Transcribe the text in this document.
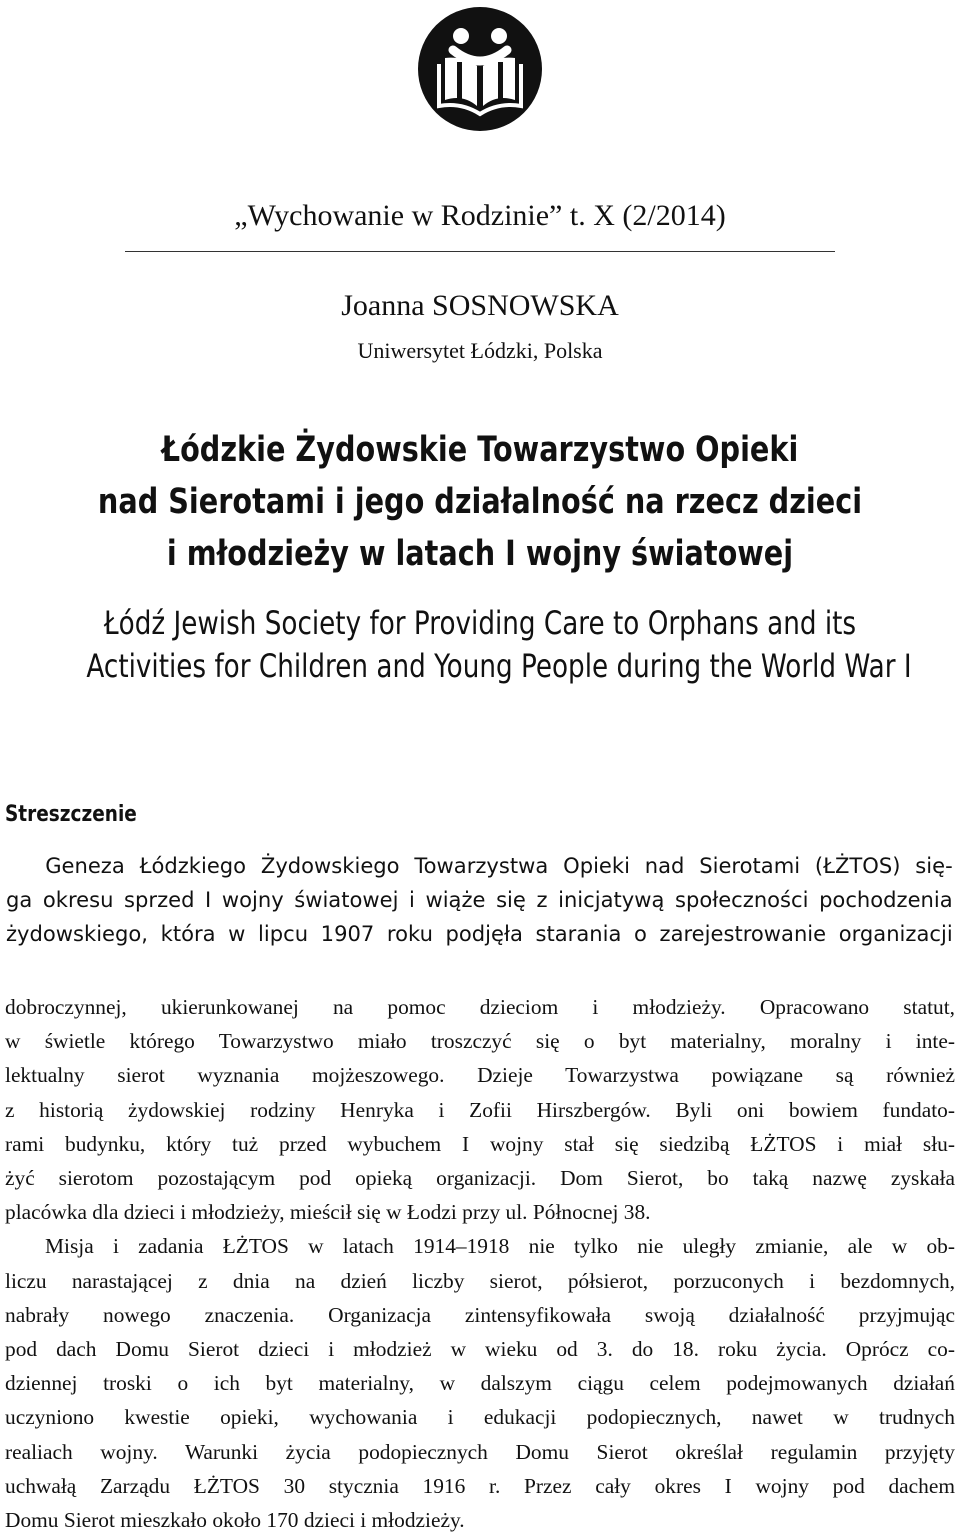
„Wychowanie w Rodzinie” t. X (2/2014)
Joanna SOSNOWSKA
Uniwersytet Łódzki, Polska
Łódzkie Żydowskie Towarzystwo Opieki
nad Sierotami i jego działalność na rzecz dzieci
i młodzieży w latach I wojny światowej
Łódź Jewish Society for Providing Care to Orphans and its
Activities for Children and Young People during the World War I
Streszczenie
Geneza Łódzkiego Żydowskiego Towarzystwa Opieki nad Sierotami (ŁŻTOS) się-
ga okresu sprzed I wojny światowej i wiąże się z inicjatywą społeczności pochodzenia
żydowskiego, która w lipcu 1907 roku podjęła starania o zarejestrowanie organizacji
dobroczynnej, ukierunkowanej na pomoc dzieciom i młodzieży. Opracowano statut,
w świetle którego Towarzystwo miało troszczyć się o byt materialny, moralny i inte-
lektualny sierot wyznania mojżeszowego. Dzieje Towarzystwa powiązane są również
z historią żydowskiej rodziny Henryka i Zofii Hirszbergów. Byli oni bowiem fundato-
rami budynku, który tuż przed wybuchem I wojny stał się siedzibą ŁŻTOS i miał słu-
żyć sierotom pozostającym pod opieką organizacji. Dom Sierot, bo taką nazwę zyskała
placówka dla dzieci i młodzieży, mieścił się w Łodzi przy ul. Północnej 38.
Misja i zadania ŁŻTOS w latach 1914–1918 nie tylko nie uległy zmianie, ale w ob-
liczu narastającej z dnia na dzień liczby sierot, półsierot, porzuconych i bezdomnych,
nabrały nowego znaczenia. Organizacja zintensyfikowała swoją działalność przyjmując
pod dach Domu Sierot dzieci i młodzież w wieku od 3. do 18. roku życia. Oprócz co-
dziennej troski o ich byt materialny, w dalszym ciągu celem podejmowanych działań
uczyniono kwestie opieki, wychowania i edukacji podopiecznych, nawet w trudnych
realiach wojny. Warunki życia podopiecznych Domu Sierot określał regulamin przyjęty
uchwałą Zarządu ŁŻTOS 30 stycznia 1916 r. Przez cały okres I wojny pod dachem
Domu Sierot mieszkało około 170 dzieci i młodzieży.
